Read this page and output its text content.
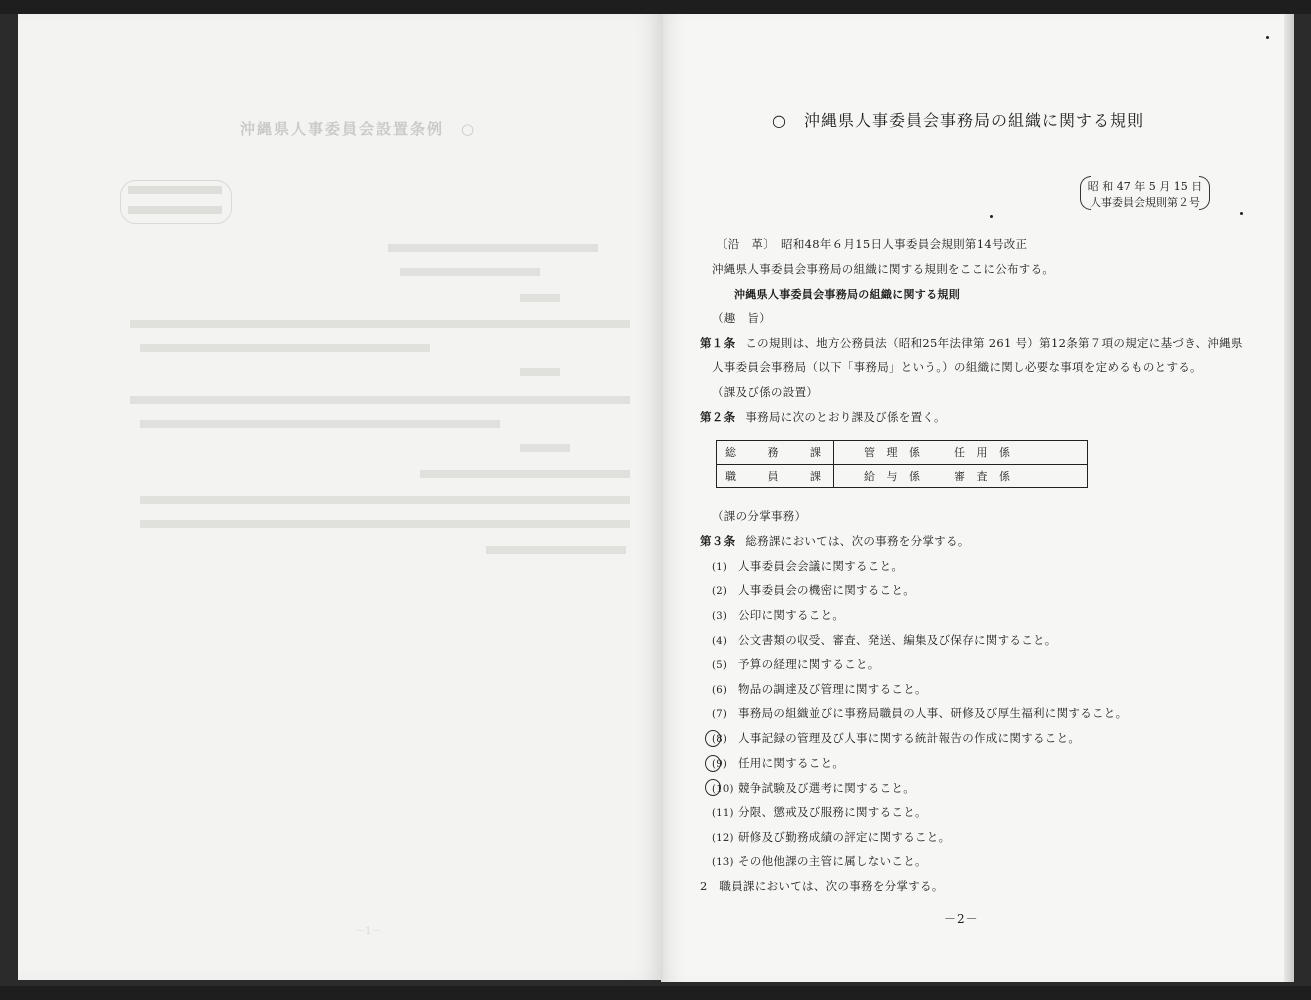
沖縄県人事委員会設置条例　○
－1－
○　沖縄県人事委員会事務局の組織に関する規則
昭 和 47 年 5 月 15 日
人事委員会規則第２号
〔沿　革〕　昭和48年６月15日人事委員会規則第14号改正
沖縄県人事委員会事務局の組織に関する規則をここに公布する。
沖縄県人事委員会事務局の組織に関する規則
（趣　旨）
第１条 この規則は、地方公務員法（昭和25年法律第 261 号）第12条第７項の規定に基づき、沖縄県
人事委員会事務局（以下「事務局」という。）の組織に関し必要な事項を定めるものとする。
（課及び係の設置）
第２条 事務局に次のとおり課及び係を置く。
総 務 課	管 理 係　　任 用 係
職 員 課	給 与 係　　審 査 係
（課の分掌事務）
第３条 総務課においては、次の事務を分掌する。
(1) 人事委員会会議に関すること。
(2) 人事委員会の機密に関すること。
(3) 公印に関すること。
(4) 公文書類の収受、審査、発送、編集及び保存に関すること。
(5) 予算の経理に関すること。
(6) 物品の調達及び管理に関すること。
(7) 事務局の組織並びに事務局職員の人事、研修及び厚生福利に関すること。
(8) 人事記録の管理及び人事に関する統計報告の作成に関すること。
(9) 任用に関すること。
(10) 競争試験及び選考に関すること。
(11) 分限、懲戒及び服務に関すること。
(12) 研修及び勤務成績の評定に関すること。
(13) その他他課の主管に属しないこと。
2　職員課においては、次の事務を分掌する。
－2－
